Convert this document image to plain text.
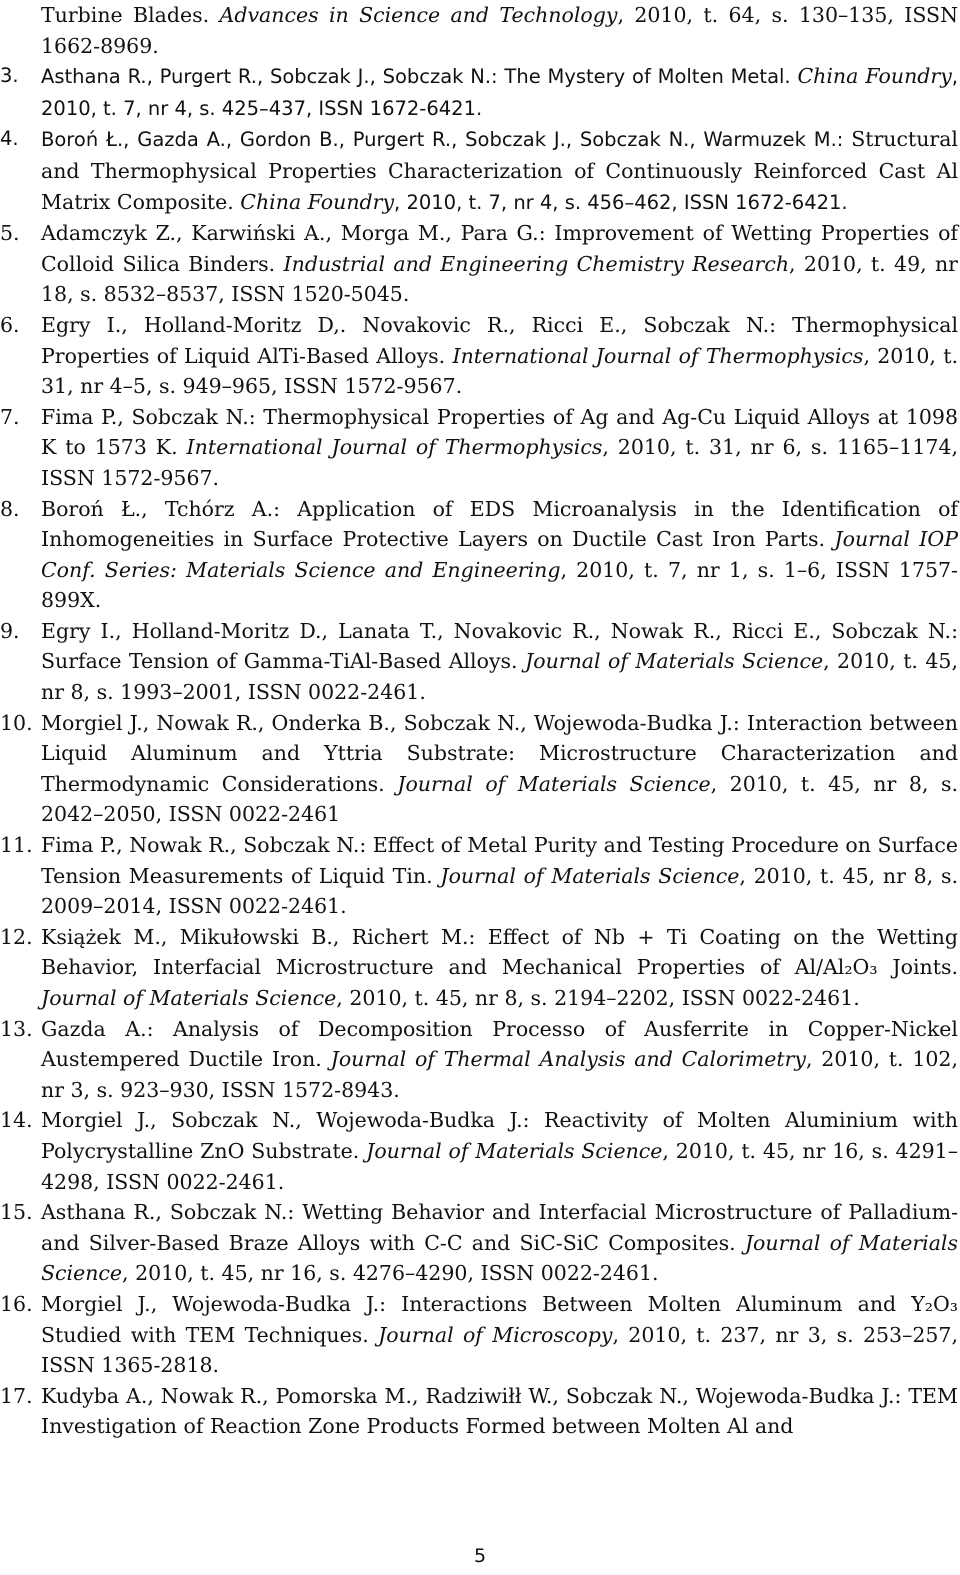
Turbine Blades. Advances in Science and Technology, 2010, t. 64, s. 130–135, ISSN 1662-8969.
3.	Asthana R., Purgert R., Sobczak J., Sobczak N.: The Mystery of Molten Metal. China Foundry, 2010, t. 7, nr 4, s. 425–437, ISSN 1672-6421.
4.	Boroń Ł., Gazda A., Gordon B., Purgert R., Sobczak J., Sobczak N., Warmuzek M.: Structural and Thermophysical Properties Characterization of Continuously Reinforced Cast Al Matrix Composite. China Foundry, 2010, t. 7, nr 4, s. 456–462, ISSN 1672-6421.
5.	Adamczyk Z., Karwiński A., Morga M., Para G.: Improvement of Wetting Properties of Colloid Silica Binders. Industrial and Engineering Chemistry Research, 2010, t. 49, nr 18, s. 8532–8537, ISSN 1520-5045.
6.	Egry I., Holland-Moritz D,. Novakovic R., Ricci E., Sobczak N.: Thermophysical Properties of Liquid AlTi-Based Alloys. International Journal of Thermophysics, 2010, t. 31, nr 4–5, s. 949–965, ISSN 1572-9567.
7.	Fima P., Sobczak N.: Thermophysical Properties of Ag and Ag-Cu Liquid Alloys at 1098 K to 1573 K. International Journal of Thermophysics, 2010, t. 31, nr 6, s. 1165–1174, ISSN 1572-9567.
8.	Boroń Ł., Tchórz A.: Application of EDS Microanalysis in the Identification of Inhomogeneities in Surface Protective Layers on Ductile Cast Iron Parts. Journal IOP Conf. Series: Materials Science and Engineering, 2010, t. 7, nr 1, s. 1–6, ISSN 1757-899X.
9.	Egry I., Holland-Moritz D., Lanata T., Novakovic R., Nowak R., Ricci E., Sobczak N.: Surface Tension of Gamma-TiAl-Based Alloys. Journal of Materials Science, 2010, t. 45, nr 8, s. 1993–2001, ISSN 0022-2461.
10. Morgiel J., Nowak R., Onderka B., Sobczak N., Wojewoda-Budka J.: Interaction between Liquid Aluminum and Yttria Substrate: Microstructure Characterization and Thermodynamic Considerations. Journal of Materials Science, 2010, t. 45, nr 8, s. 2042–2050, ISSN 0022-2461
11. Fima P., Nowak R., Sobczak N.: Effect of Metal Purity and Testing Procedure on Surface Tension Measurements of Liquid Tin. Journal of Materials Science, 2010, t. 45, nr 8, s. 2009–2014, ISSN 0022-2461.
12. Książek M., Mikułowski B., Richert M.: Effect of Nb + Ti Coating on the Wetting Behavior, Interfacial Microstructure and Mechanical Properties of Al/Al₂O₃ Joints. Journal of Materials Science, 2010, t. 45, nr 8, s. 2194–2202, ISSN 0022-2461.
13. Gazda A.: Analysis of Decomposition Processo of Ausferrite in Copper-Nickel Austempered Ductile Iron. Journal of Thermal Analysis and Calorimetry, 2010, t. 102, nr 3, s. 923–930, ISSN 1572-8943.
14. Morgiel J., Sobczak N., Wojewoda-Budka J.: Reactivity of Molten Aluminium with Polycrystalline ZnO Substrate. Journal of Materials Science, 2010, t. 45, nr 16, s. 4291–4298, ISSN 0022-2461.
15. Asthana R., Sobczak N.: Wetting Behavior and Interfacial Microstructure of Palladium- and Silver-Based Braze Alloys with C-C and SiC-SiC Composites. Journal of Materials Science, 2010, t. 45, nr 16, s. 4276–4290, ISSN 0022-2461.
16. Morgiel J., Wojewoda-Budka J.: Interactions Between Molten Aluminum and Y₂O₃ Studied with TEM Techniques. Journal of Microscopy, 2010, t. 237, nr 3, s. 253–257, ISSN 1365-2818.
17. Kudyba A., Nowak R., Pomorska M., Radziwiłł W., Sobczak N., Wojewoda-Budka J.: TEM Investigation of Reaction Zone Products Formed between Molten Al and
5
